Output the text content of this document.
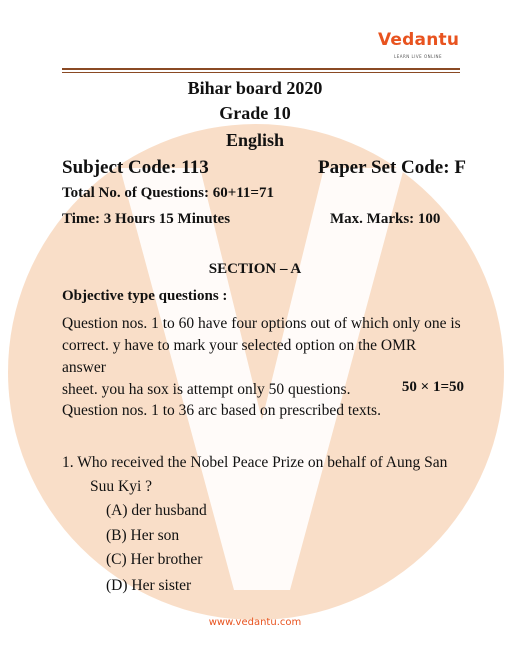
Vedantu
LEARN LIVE ONLINE
Bihar board 2020
Grade 10
English
Subject Code: 113	Paper Set Code: F
Total No. of Questions: 60+11=71
Time: 3 Hours 15 Minutes	Max. Marks: 100
SECTION – A
Objective type questions :
Question nos. 1 to 60 have four options out of which only one is
correct. y have to mark your selected option on the OMR answer
sheet. you ha sox is attempt only 50 questions.	50 × 1=50
Question nos. 1 to 36 arc based on prescribed texts.
1. Who received the Nobel Peace Prize on behalf of Aung San
Suu Kyi ?
(A) der husband
(B) Her son
(C) Her brother
(D) Her sister
www.vedantu.com
